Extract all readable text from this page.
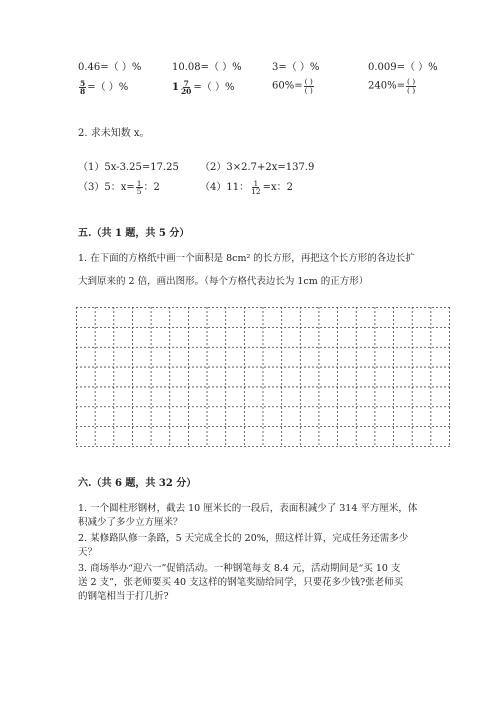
0.46=（ ）%	10.08=（ ）%	3=（ ）%	0.009=（ ）%
$\frac{5}{8}$ =（ ）%	$1 \frac{7}{20}$ =（ ）%	$60\%= \frac{( )}{( )}$	$240\%= \frac{( )}{( )}$
2. 求未知数 x。
（1）5x-3.25=17.25 （2）3×2.7+2x=137.9
（3）5：$x= \frac{1}{5}$ ：2	（4）11： $\frac{1}{12} =x$：2
五.（共 1 题，共 5 分）
1. 在下面的方格纸中画一个面积是 8cm² 的长方形，再把这个长方形的各边长扩
大到原来的 2 倍，画出图形。（每个方格代表边长为 1cm 的正方形）
六.（共 6 题，共 32 分）
1. 一个圆柱形钢材，截去 10 厘米长的一段后，表面积减少了 314 平方厘米，体
积减少了多少立方厘米？
2. 某修路队修一条路，5 天完成全长的 20%，照这样计算，完成任务还需多少
天？
3. 商场举办“迎六一”促销活动。一种钢笔每支 8.4 元，活动期间是“买 10 支
送 2 支”，张老师要买 40 支这样的钢笔奖励给同学，只要花多少钱?张老师买
的钢笔相当于打几折?
